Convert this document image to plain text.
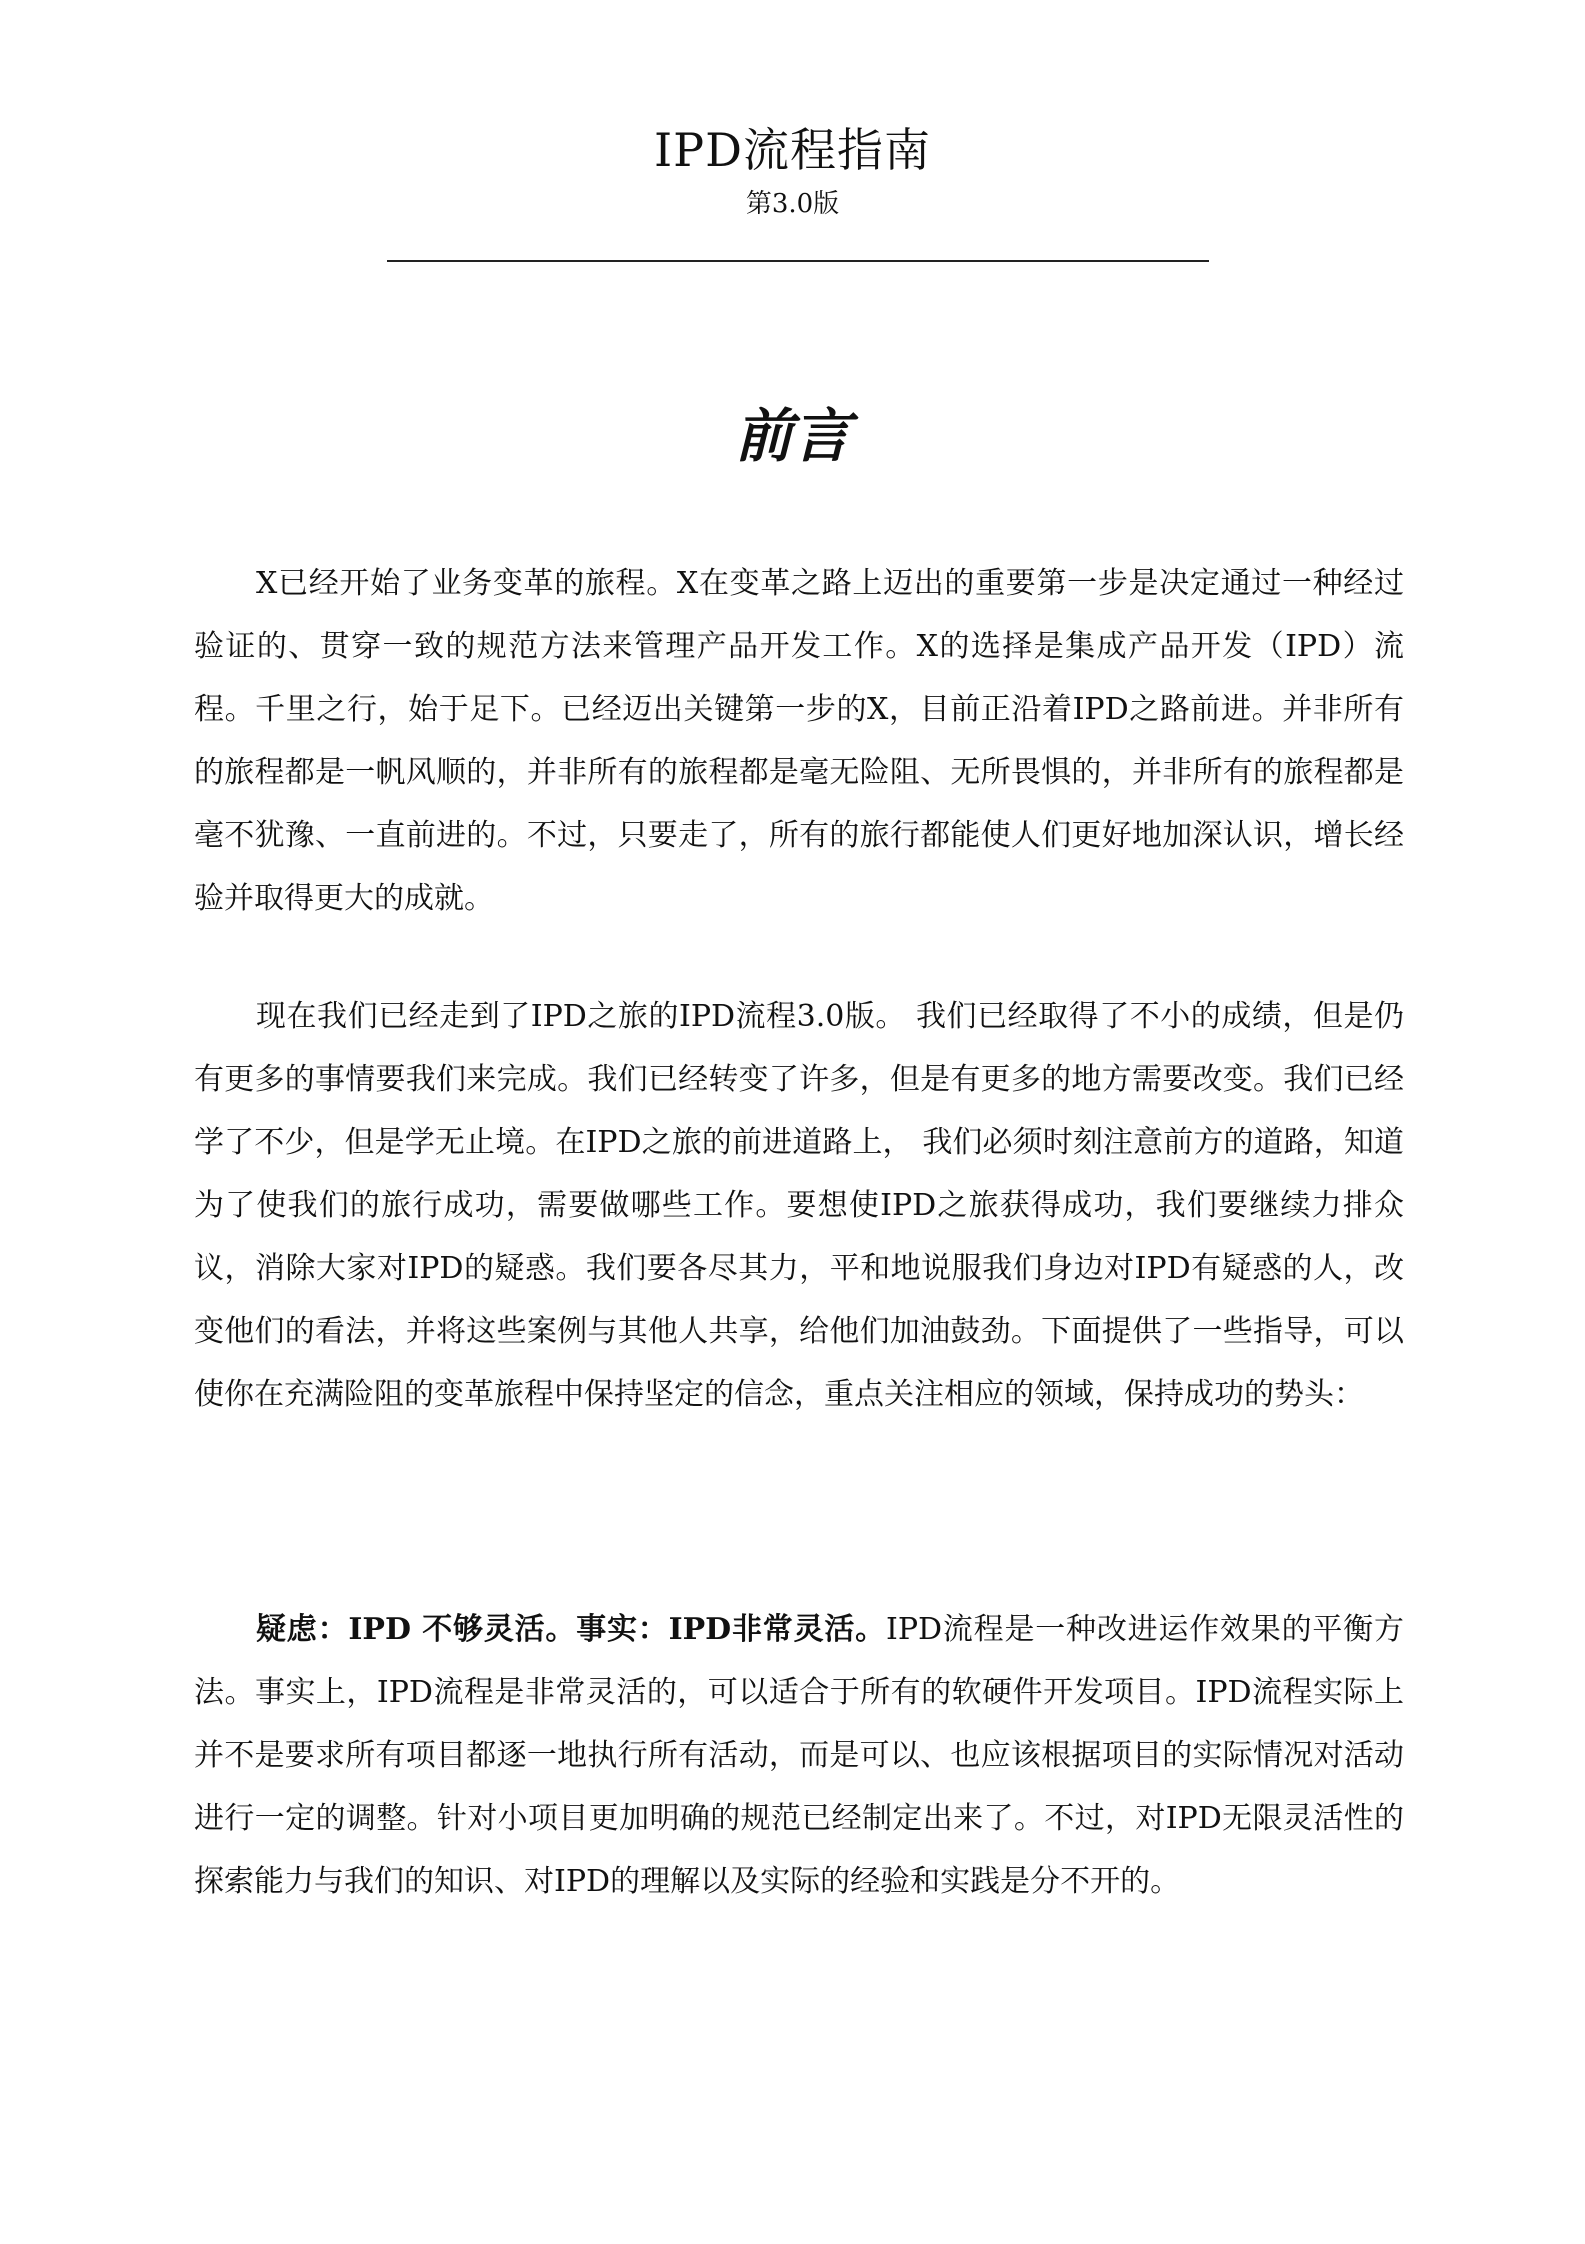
IPD流程指南
第3.0版
前言

X已经开始了业务变革的旅程。X在变革之路上迈出的重要第一步是决定通过一种经过验证的、贯穿一致的规范方法来管理产品开发工作。X的选择是集成产品开发（IPD）流程。千里之行，始于足下。已经迈出关键第一步的X，目前正沿着IPD之路前进。并非所有的旅程都是一帆风顺的，并非所有的旅程都是毫无险阻、无所畏惧的，并非所有的旅程都是毫不犹豫、一直前进的。不过，只要走了，所有的旅行都能使人们更好地加深认识，增长经验并取得更大的成就。

现在我们已经走到了IPD之旅的IPD流程3.0版。 我们已经取得了不小的成绩，但是仍有更多的事情要我们来完成。我们已经转变了许多，但是有更多的地方需要改变。我们已经学了不少，但是学无止境。在IPD之旅的前进道路上， 我们必须时刻注意前方的道路，知道为了使我们的旅行成功，需要做哪些工作。要想使IPD之旅获得成功，我们要继续力排众议，消除大家对IPD的疑惑。我们要各尽其力，平和地说服我们身边对IPD有疑惑的人，改变他们的看法，并将这些案例与其他人共享，给他们加油鼓劲。下面提供了一些指导，可以使你在充满险阻的变革旅程中保持坚定的信念，重点关注相应的领域，保持成功的势头：

疑虑：IPD 不够灵活。事实：IPD非常灵活。IPD流程是一种改进运作效果的平衡方法。事实上，IPD流程是非常灵活的，可以适合于所有的软硬件开发项目。IPD流程实际上并不是要求所有项目都逐一地执行所有活动，而是可以、也应该根据项目的实际情况对活动进行一定的调整。针对小项目更加明确的规范已经制定出来了。不过，对IPD无限灵活性的探索能力与我们的知识、对IPD的理解以及实际的经验和实践是分不开的。
